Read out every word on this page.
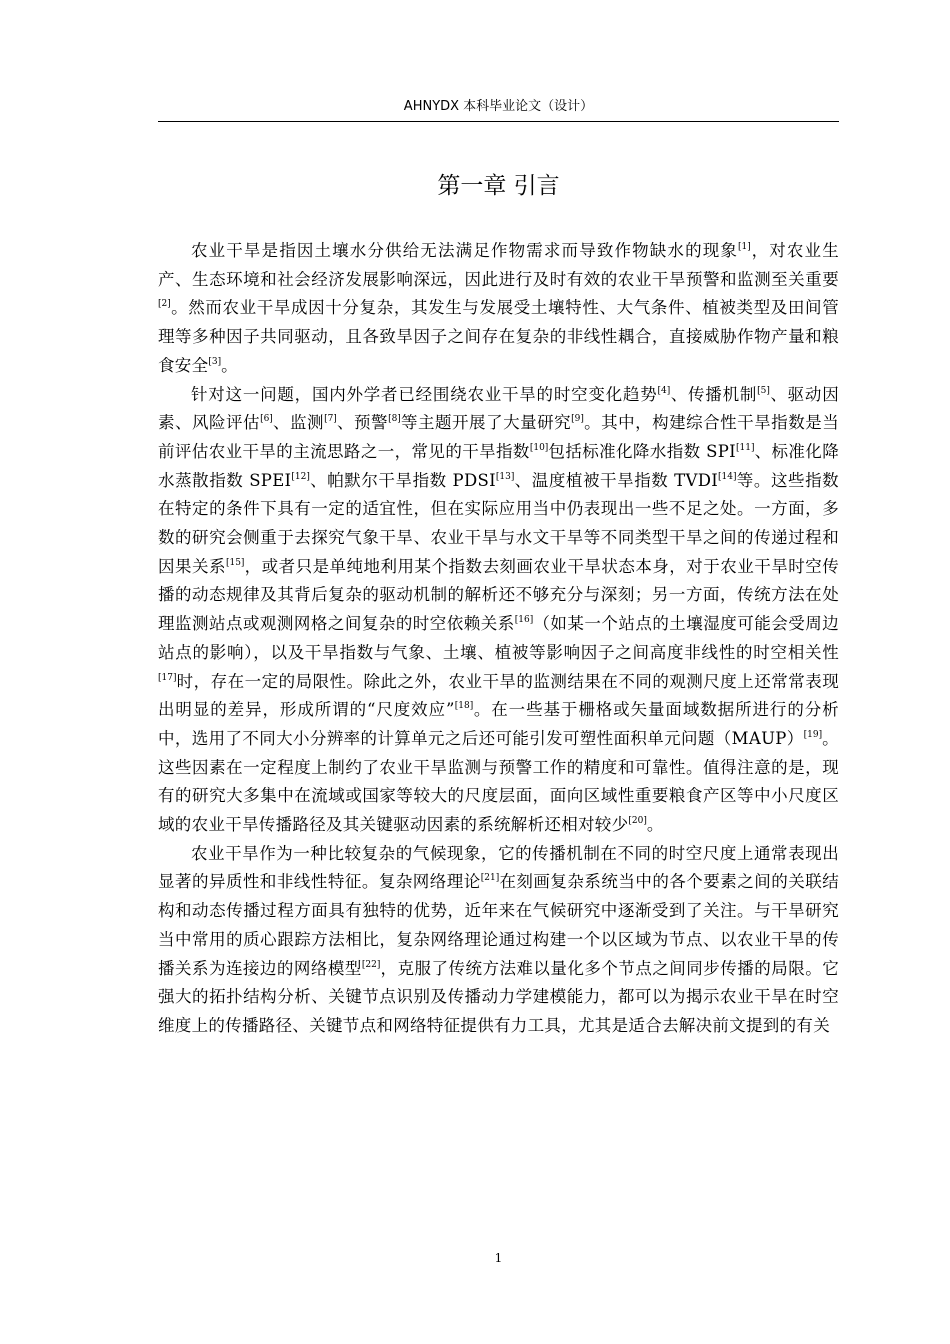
AHNYDX 本科毕业论文（设计）
第一章 引言

农业干旱是指因土壤水分供给无法满足作物需求而导致作物缺水的现象[1]，对农业生产、生态环境和社会经济发展影响深远，因此进行及时有效的农业干旱预警和监测至关重要[2]。然而农业干旱成因十分复杂，其发生与发展受土壤特性、大气条件、植被类型及田间管理等多种因子共同驱动，且各致旱因子之间存在复杂的非线性耦合，直接威胁作物产量和粮食安全[3]。

针对这一问题，国内外学者已经围绕农业干旱的时空变化趋势[4]、传播机制[5]、驱动因素、风险评估[6]、监测[7]、预警[8]等主题开展了大量研究[9]。其中，构建综合性干旱指数是当前评估农业干旱的主流思路之一，常见的干旱指数[10]包括标准化降水指数 SPI[11]、标准化降水蒸散指数 SPEI[12]、帕默尔干旱指数 PDSI[13]、温度植被干旱指数 TVDI[14]等。这些指数在特定的条件下具有一定的适宜性，但在实际应用当中仍表现出一些不足之处。一方面，多数的研究会侧重于去探究气象干旱、农业干旱与水文干旱等不同类型干旱之间的传递过程和因果关系[15]，或者只是单纯地利用某个指数去刻画农业干旱状态本身，对于农业干旱时空传播的动态规律及其背后复杂的驱动机制的解析还不够充分与深刻；另一方面，传统方法在处理监测站点或观测网格之间复杂的时空依赖关系[16]（如某一个站点的土壤湿度可能会受周边站点的影响），以及干旱指数与气象、土壤、植被等影响因子之间高度非线性的时空相关性[17]时，存在一定的局限性。除此之外，农业干旱的监测结果在不同的观测尺度上还常常表现出明显的差异，形成所谓的“尺度效应”[18]。在一些基于栅格或矢量面域数据所进行的分析中，选用了不同大小分辨率的计算单元之后还可能引发可塑性面积单元问题（MAUP）[19]。这些因素在一定程度上制约了农业干旱监测与预警工作的精度和可靠性。值得注意的是，现有的研究大多集中在流域或国家等较大的尺度层面，面向区域性重要粮食产区等中小尺度区域的农业干旱传播路径及其关键驱动因素的系统解析还相对较少[20]。

农业干旱作为一种比较复杂的气候现象，它的传播机制在不同的时空尺度上通常表现出显著的异质性和非线性特征。复杂网络理论[21]在刻画复杂系统当中的各个要素之间的关联结构和动态传播过程方面具有独特的优势，近年来在气候研究中逐渐受到了关注。与干旱研究当中常用的质心跟踪方法相比，复杂网络理论通过构建一个以区域为节点、以农业干旱的传播关系为连接边的网络模型[22]，克服了传统方法难以量化多个节点之间同步传播的局限。它强大的拓扑结构分析、关键节点识别及传播动力学建模能力，都可以为揭示农业干旱在时空维度上的传播路径、关键节点和网络特征提供有力工具，尤其是适合去解决前文提到的有关

1
